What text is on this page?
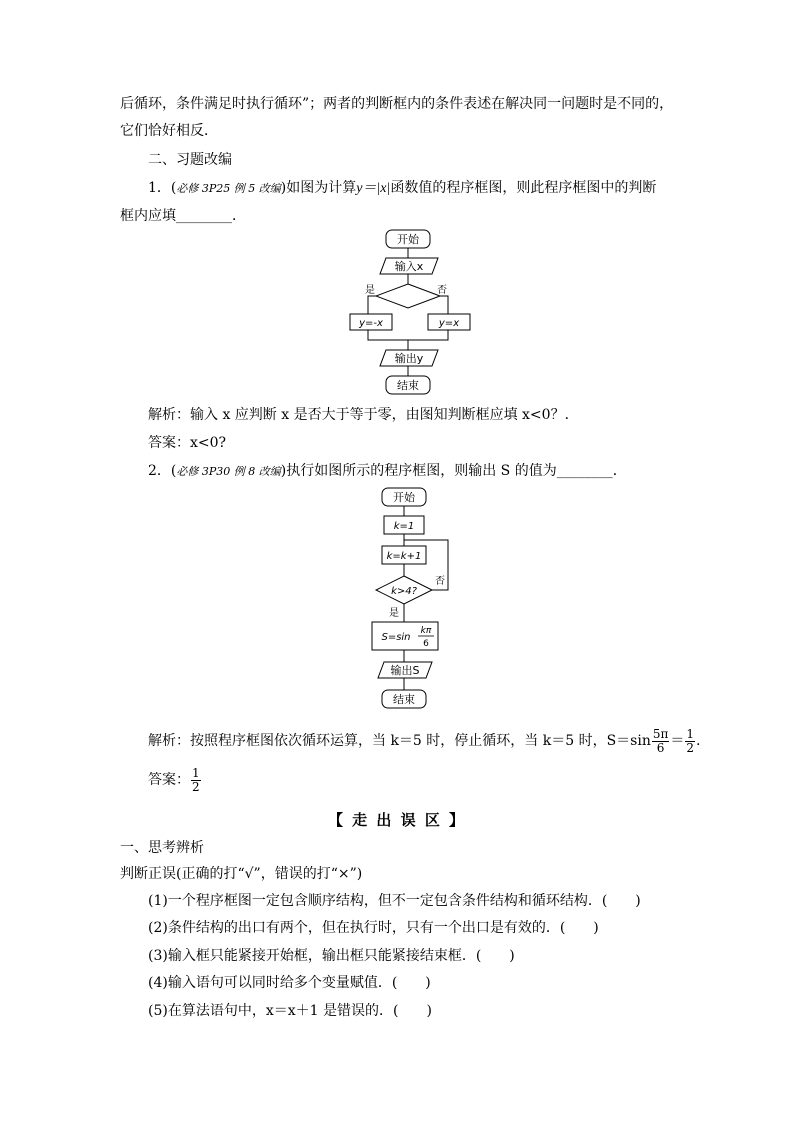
后循环，条件满足时执行循环”；两者的判断框内的条件表述在解决同一问题时是不同的，
它们恰好相反．
二、习题改编
1．(必修 3P25 例 5 改编)如图为计算y＝|x|函数值的程序框图，则此程序框图中的判断
框内应填________．
开始
输入x
是	否
y=-x	y=x
输出y
结束
解析：输入 x 应判断 x 是否大于等于零，由图知判断框应填 x<0？．
答案：x<0?
2．(必修 3P30 例 8 改编)执行如图所示的程序框图，则输出 S 的值为________．
开始
k=1
k=k+1
k>4?
否
是
S=sin
kπ
6
输出S
结束
解析：按照程序框图依次循环运算，当 k＝5 时，停止循环，当 k＝5 时，$S=\sin \frac{5\pi}{6} = \frac{1}{2}$ .
答案： $\frac{1}{2}$
【 走 出 误 区 】
一、思考辨析
判断正误(正确的打“√”，错误的打“×”)
(1)一个程序框图一定包含顺序结构，但不一定包含条件结构和循环结构．(　　)
(2)条件结构的出口有两个，但在执行时，只有一个出口是有效的．(　　)
(3)输入框只能紧接开始框，输出框只能紧接结束框．(　　)
(4)输入语句可以同时给多个变量赋值．(　　)
(5)在算法语句中，x＝x＋1 是错误的．(　　)
